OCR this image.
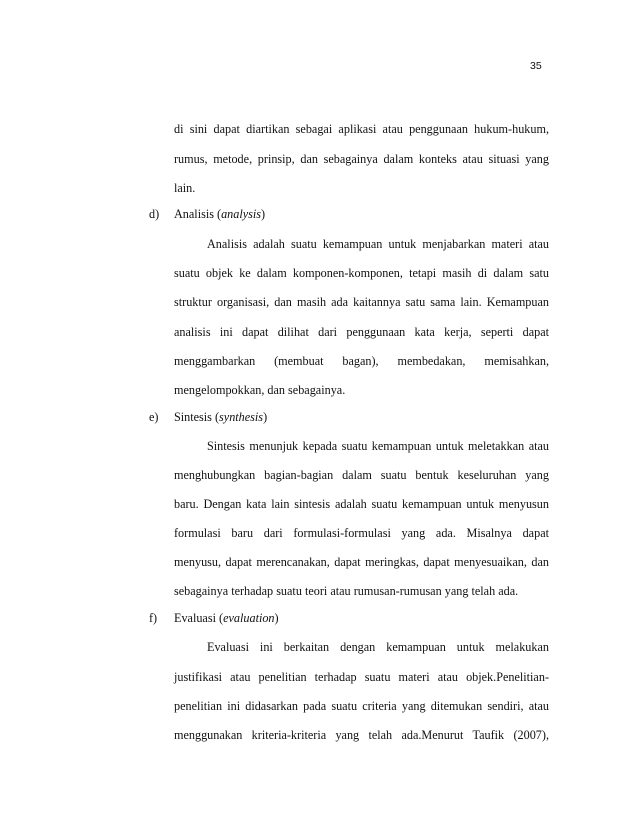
35
di sini dapat diartikan sebagai aplikasi atau penggunaan hukum-hukum,
rumus, metode, prinsip, dan sebagainya dalam konteks atau situasi yang
lain.
d) Analisis (analysis)
Analisis adalah suatu kemampuan untuk menjabarkan materi atau
suatu objek ke dalam komponen-komponen, tetapi masih di dalam satu
struktur organisasi, dan masih ada kaitannya satu sama lain. Kemampuan
analisis ini dapat dilihat dari penggunaan kata kerja, seperti dapat
menggambarkan (membuat bagan), membedakan, memisahkan,
mengelompokkan, dan sebagainya.
e) Sintesis (synthesis)
Sintesis menunjuk kepada suatu kemampuan untuk meletakkan atau
menghubungkan bagian-bagian dalam suatu bentuk keseluruhan yang
baru. Dengan kata lain sintesis adalah suatu kemampuan untuk menyusun
formulasi baru dari formulasi-formulasi yang ada. Misalnya dapat
menyusu, dapat merencanakan, dapat meringkas, dapat menyesuaikan, dan
sebagainya terhadap suatu teori atau rumusan-rumusan yang telah ada.
f) Evaluasi (evaluation)
Evaluasi ini berkaitan dengan kemampuan untuk melakukan
justifikasi atau penelitian terhadap suatu materi atau objek.Penelitian-
penelitian ini didasarkan pada suatu criteria yang ditemukan sendiri, atau
menggunakan kriteria-kriteria yang telah ada.Menurut Taufik (2007),
